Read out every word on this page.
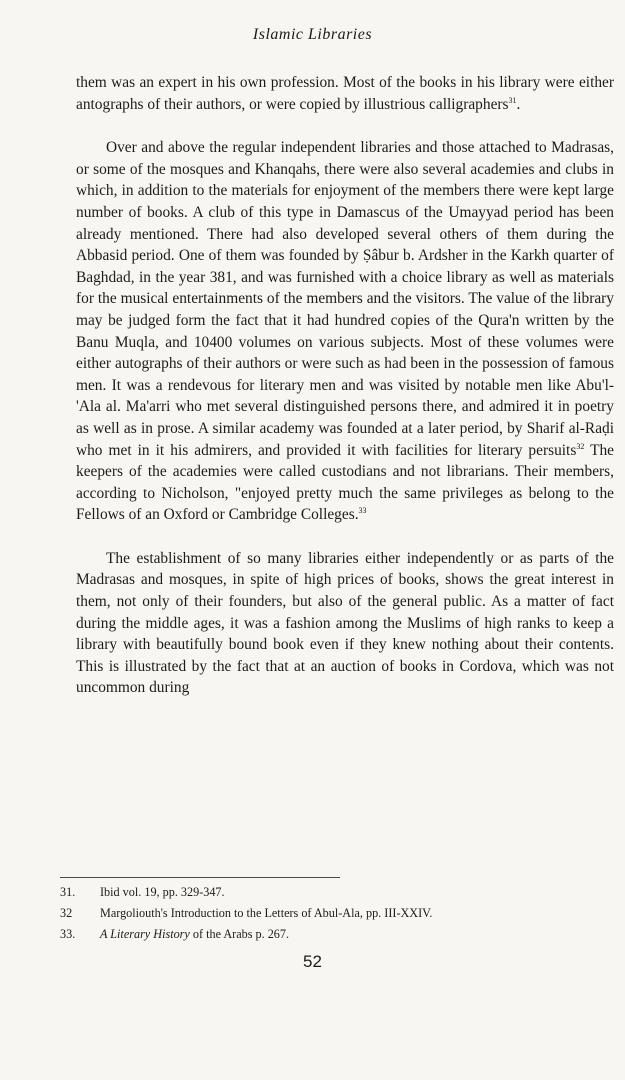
Islamic Libraries

them was an expert in his own profession. Most of the books in his library were either antographs of their authors, or were copied by illustrious calligraphers$^{31}$.

Over and above the regular independent libraries and those attached to Madrasas, or some of the mosques and Khanqahs, there were also several academies and clubs in which, in addition to the materials for enjoyment of the members there were kept large number of books. A club of this type in Damascus of the Umayyad period has been already mentioned. There had also developed several others of them during the Abbasid period. One of them was founded by Ṣâbur b. Ardsher in the Karkh quarter of Baghdad, in the year 381, and was furnished with a choice library as well as materials for the musical entertainments of the members and the visitors. The value of the library may be judged form the fact that it had hundred copies of the Qura'n written by the Banu Muqla, and 10400 volumes on various subjects. Most of these volumes were either autographs of their authors or were such as had been in the possession of famous men. It was a rendevous for literary men and was visited by notable men like Abu'l-'Ala al. Ma'arri who met several distinguished persons there, and admired it in poetry as well as in prose. A similar academy was founded at a later period, by Sharif al-Raḍi who met in it his admirers, and provided it with facilities for literary persuits$^{32}$ The keepers of the academies were called custodians and not librarians. Their members, according to Nicholson, "enjoyed pretty much the same privileges as belong to the Fellows of an Oxford or Cambridge Colleges.$^{33}$

The establishment of so many libraries either independently or as parts of the Madrasas and mosques, in spite of high prices of books, shows the great interest in them, not only of their founders, but also of the general public. As a matter of fact during the middle ages, it was a fashion among the Muslims of high ranks to keep a library with beautifully bound book even if they knew nothing about their contents. This is illustrated by the fact that at an auction of books in Cordova, which was not uncommon during

31.	Ibid vol. 19, pp. 329-347.
32	Margoliouth's Introduction to the Letters of Abul-Ala, pp. III-XXIV.
33.	A Literary History of the Arabs p. 267.
52
